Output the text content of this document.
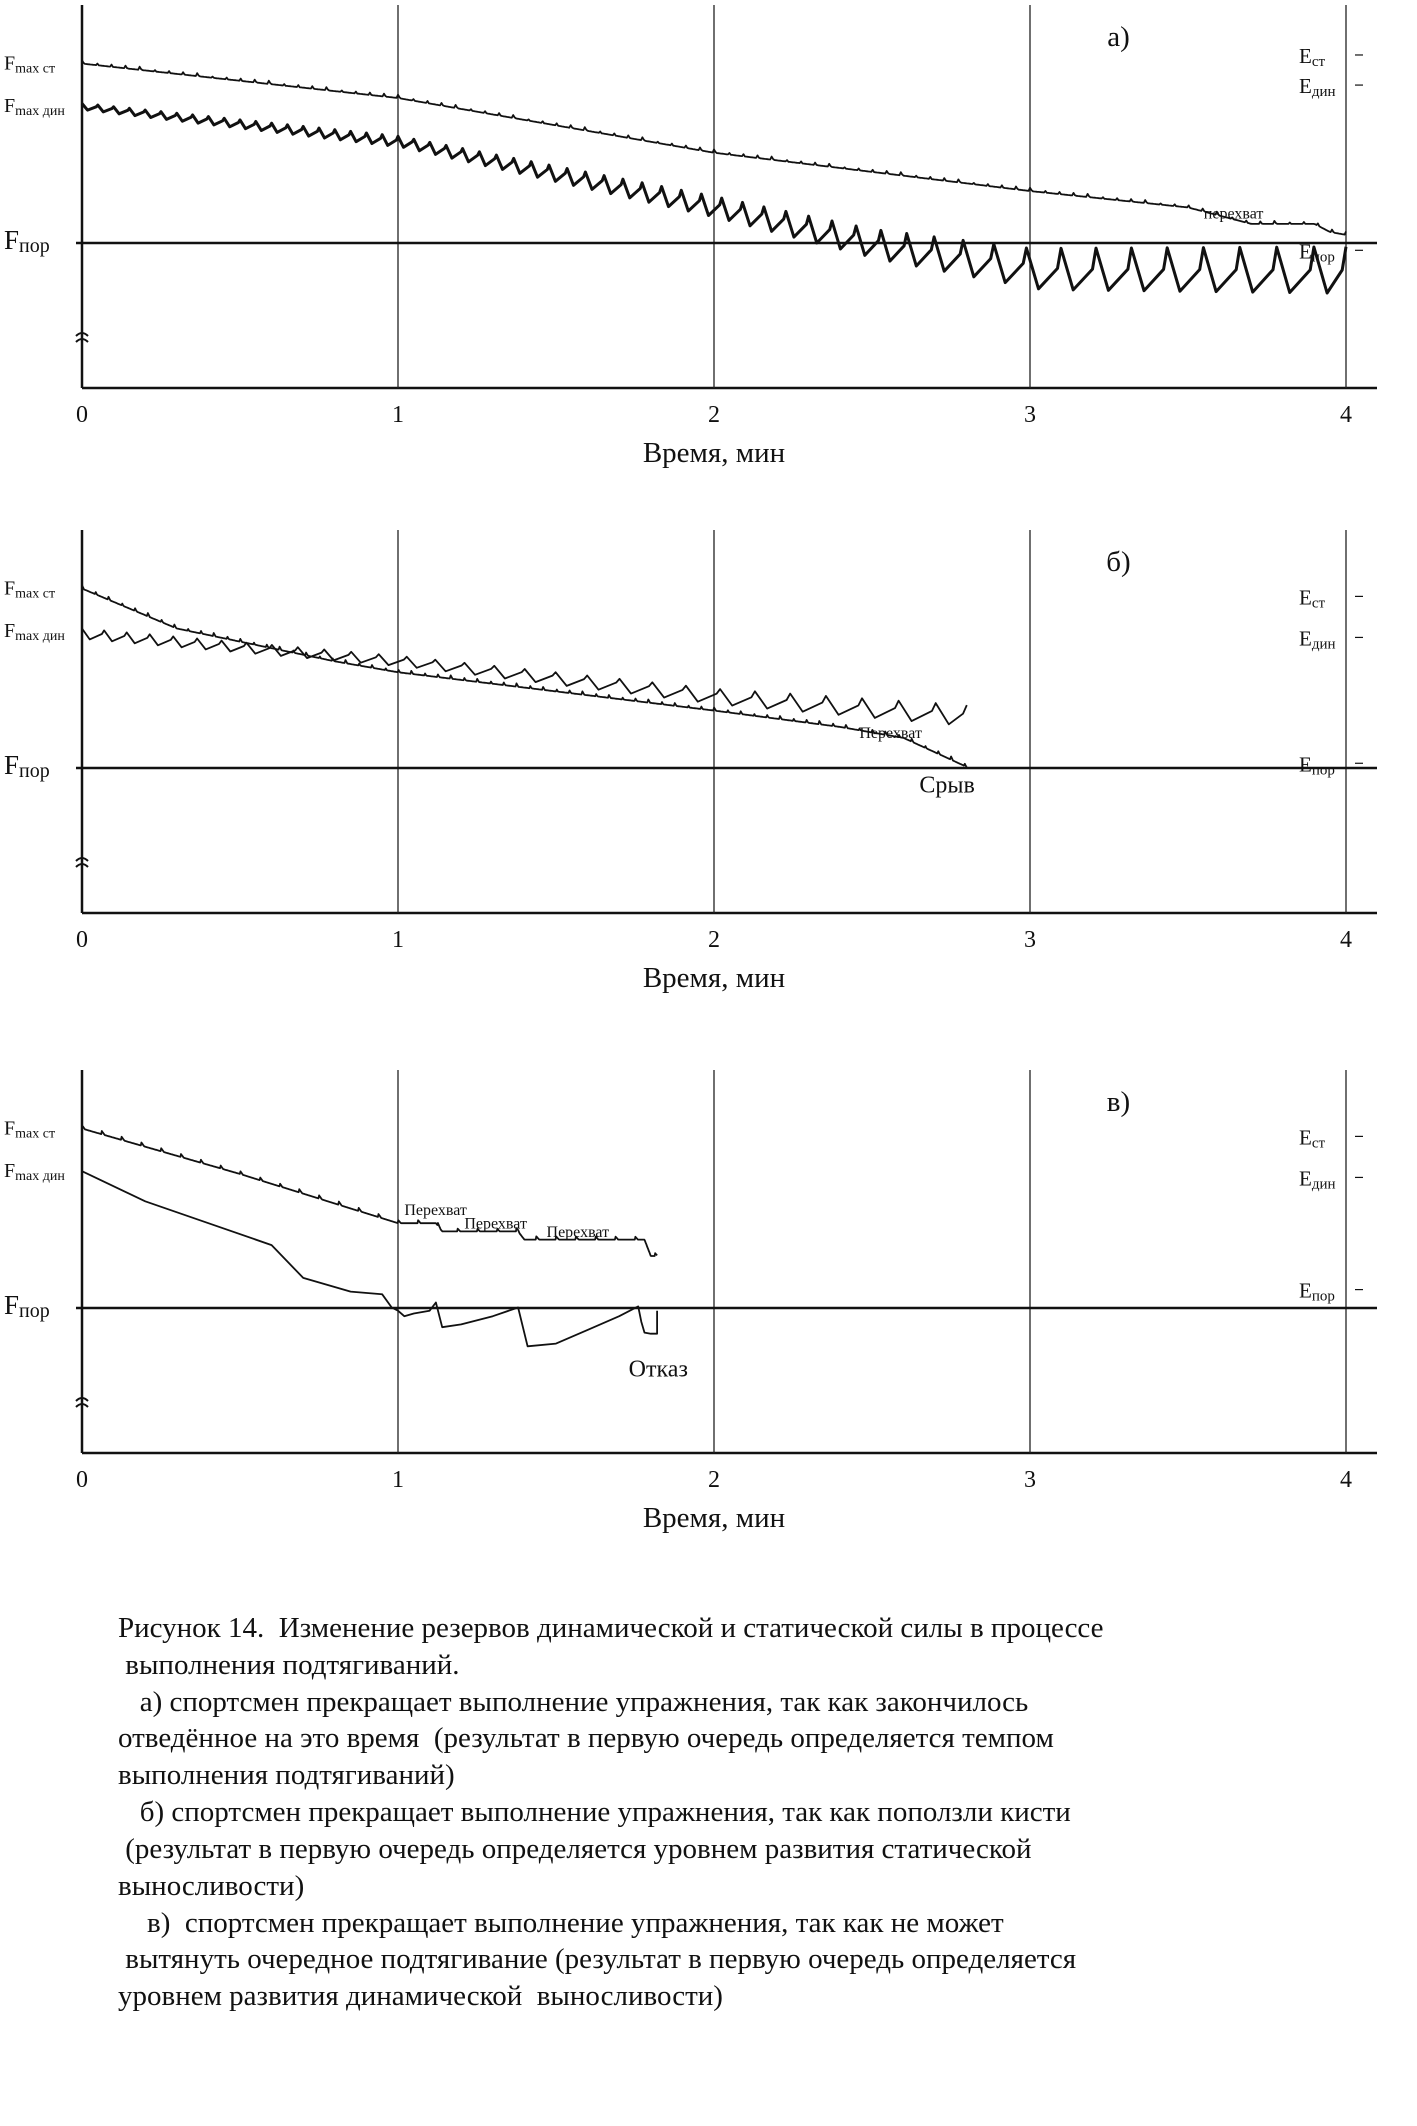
0	1	2	3	4
Время, мин
Fmax ст
Fmax дин
Fпор
Eст
Eдин
Eпор
а)
перехват
0	1	2	3	4
Время, мин
Fmax ст
Fmax дин
Fпор
Eст
Eдин
Eпор
б)
Перехват
Срыв
0	1	2	3	4
Время, мин
Fmax ст
Fmax дин
Fпор
Eст
Eдин
Eпор
в)
Перехват
Перехват Перехват
Отказ

Рисунок 14.  Изменение резервов динамической и статической силы в процессе

выполнения подтягиваний.

а) спортсмен прекращает выполнение упражнения, так как закончилось

отведённое на это время  (результат в первую очередь определяется темпом

выполнения подтягиваний)

б) спортсмен прекращает выполнение упражнения, так как поползли кисти

(результат в первую очередь определяется уровнем развития статической

выносливости)

в)  спортсмен прекращает выполнение упражнения, так как не может

вытянуть очередное подтягивание (результат в первую очередь определяется

уровнем развития динамической  выносливости)
